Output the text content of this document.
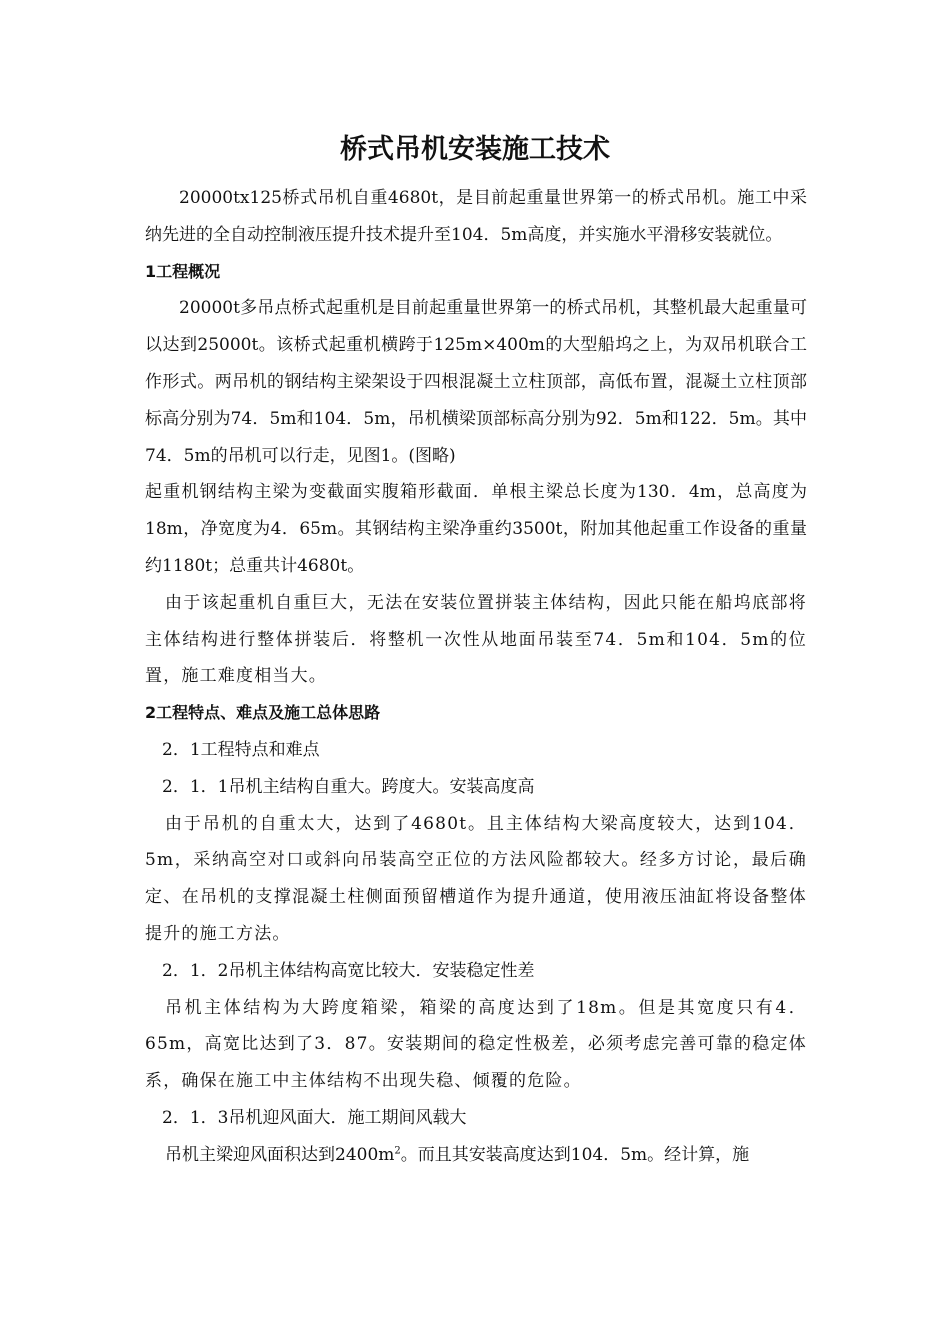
桥式吊机安装施工技术

20000tx125桥式吊机自重4680t，是目前起重量世界第一的桥式吊机。施工中采纳先进的全自动控制液压提升技术提升至104．5m高度，并实施水平滑移安装就位。

1工程概况

20000t多吊点桥式起重机是目前起重量世界第一的桥式吊机，其整机最大起重量可以达到25000t。该桥式起重机横跨于125m×400m的大型船坞之上，为双吊机联合工作形式。两吊机的钢结构主梁架设于四根混凝土立柱顶部，高低布置，混凝土立柱顶部标高分别为74．5m和104．5m，吊机横梁顶部标高分别为92．5m和122．5m。其中74．5m的吊机可以行走，见图1。(图略)

起重机钢结构主梁为变截面实腹箱形截面．单根主梁总长度为130．4m，总高度为18m，净宽度为4．65m。其钢结构主梁净重约3500t，附加其他起重工作设备的重量约1180t；总重共计4680t。

由于该起重机自重巨大，无法在安装位置拼装主体结构，因此只能在船坞底部将主体结构进行整体拼装后．将整机一次性从地面吊装至74．5m和104．5m的位置，施工难度相当大。

2工程特点、难点及施工总体思路

2．1工程特点和难点

2．1．1吊机主结构自重大。跨度大。安装高度高

由于吊机的自重太大，达到了4680t。且主体结构大梁高度较大，达到104．5m，采纳高空对口或斜向吊装高空正位的方法风险都较大。经多方讨论，最后确定、在吊机的支撑混凝土柱侧面预留槽道作为提升通道，使用液压油缸将设备整体提升的施工方法。

2．1．2吊机主体结构高宽比较大．安装稳定性差

吊机主体结构为大跨度箱梁，箱梁的高度达到了18m。但是其宽度只有4．65m，高宽比达到了3．87。安装期间的稳定性极差，必须考虑完善可靠的稳定体系，确保在施工中主体结构不出现失稳、倾覆的危险。

2．1．3吊机迎风面大．施工期间风载大

吊机主梁迎风面积达到$2400m^2$。而且其安装高度达到104．5m。经计算，施
